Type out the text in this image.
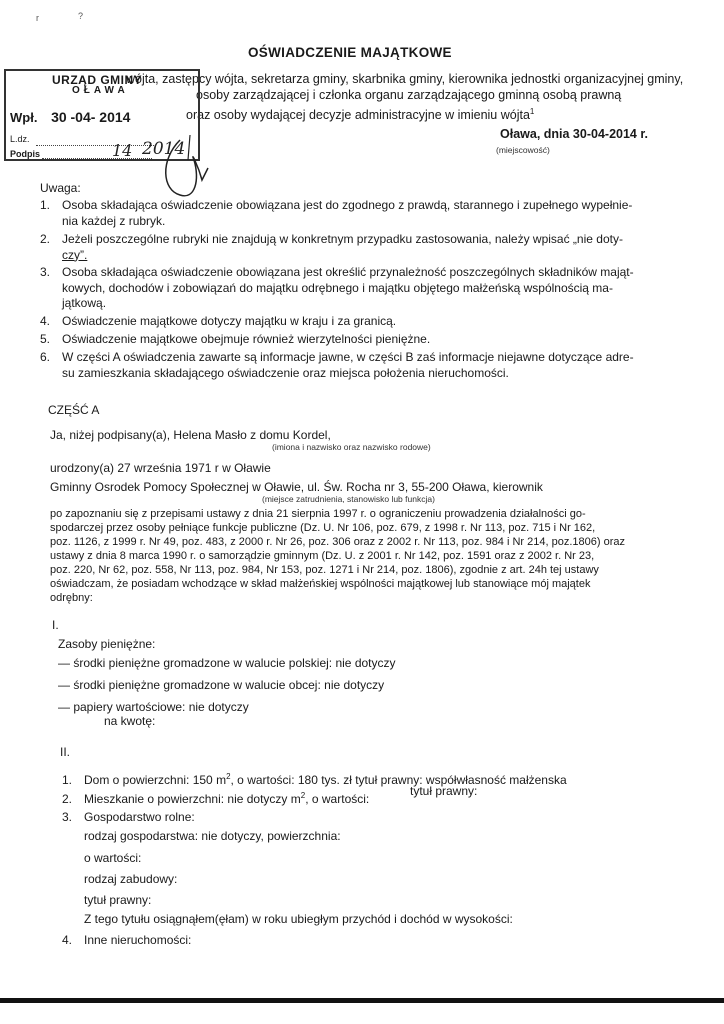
r	?
OŚWIADCZENIE MAJĄTKOWE
wójta, zastępcy wójta, sekretarza gminy, skarbnika gminy, kierownika jednostki organizacyjnej gminy,
osoby zarządzającej i członka organu zarządzającego gminną osobą prawną
oraz osoby wydającej decyzje administracyjne w imieniu wójta$^1$
URZĄD GMINY
OŁAWA
Wpł. 30 -04- 2014
L.dz.
Podpis	14 2014
Oława, dnia 30-04-2014 r.
(miejscowość)
Uwaga:
1. Osoba składająca oświadczenie obowiązana jest do zgodnego z prawdą, starannego i zupełnego wypełnie-
nia każdej z rubryk.
2. Jeżeli poszczególne rubryki nie znajdują w konkretnym przypadku zastosowania, należy wpisać „nie doty-
czy”.
3. Osoba składająca oświadczenie obowiązana jest określić przynależność poszczególnych składników mająt-
kowych, dochodów i zobowiązań do majątku odrębnego i majątku objętego małżeńską wspólnością ma-
jątkową.
4. Oświadczenie majątkowe dotyczy majątku w kraju i za granicą.
5. Oświadczenie majątkowe obejmuje również wierzytelności pieniężne.
6. W części A oświadczenia zawarte są informacje jawne, w części B zaś informacje niejawne dotyczące adre-
su zamieszkania składającego oświadczenie oraz miejsca położenia nieruchomości.
CZĘŚĆ A
Ja, niżej podpisany(a), Helena Masło z domu Kordel,
(imiona i nazwisko oraz nazwisko rodowe)
urodzony(a) 27 września 1971 r w Oławie
Gminny Osrodek Pomocy Społecznej w Oławie, ul. Św. Rocha nr 3, 55-200 Oława, kierownik
(miejsce zatrudnienia, stanowisko lub funkcja)
po zapoznaniu się z przepisami ustawy z dnia 21 sierpnia 1997 r. o ograniczeniu prowadzenia działalności go-
spodarczej przez osoby pełniące funkcje publiczne (Dz. U. Nr 106, poz. 679, z 1998 r. Nr 113, poz. 715 i Nr 162,
poz. 1126, z 1999 r. Nr 49, poz. 483, z 2000 r. Nr 26, poz. 306 oraz z 2002 r. Nr 113, poz. 984 i Nr 214, poz.1806) oraz
ustawy z dnia 8 marca 1990 r. o samorządzie gminnym (Dz. U. z 2001 r. Nr 142, poz. 1591 oraz z 2002 r. Nr 23,
poz. 220, Nr 62, poz. 558, Nr 113, poz. 984, Nr 153, poz. 1271 i Nr 214, poz. 1806), zgodnie z art. 24h tej ustawy
oświadczam, że posiadam wchodzące w skład małżeńskiej wspólności majątkowej lub stanowiące mój majątek
odrębny:
I.
Zasoby pieniężne:
— środki pieniężne gromadzone w walucie polskiej: nie dotyczy
— środki pieniężne gromadzone w walucie obcej: nie dotyczy
— papiery wartościowe: nie dotyczy
na kwotę:
II.
1. Dom o powierzchni: 150 $m^2$, o wartości: 180 tys. zł tytuł prawny: współwłasność małżenska
2. Mieszkanie o powierzchni: nie dotyczy $m^2$, o wartości:
tytuł prawny:
3. Gospodarstwo rolne:
rodzaj gospodarstwa: nie dotyczy, powierzchnia:
o wartości:
rodzaj zabudowy:
tytuł prawny:
Z tego tytułu osiągnąłem(ęłam) w roku ubiegłym przychód i dochód w wysokości:
4. Inne nieruchomości:
